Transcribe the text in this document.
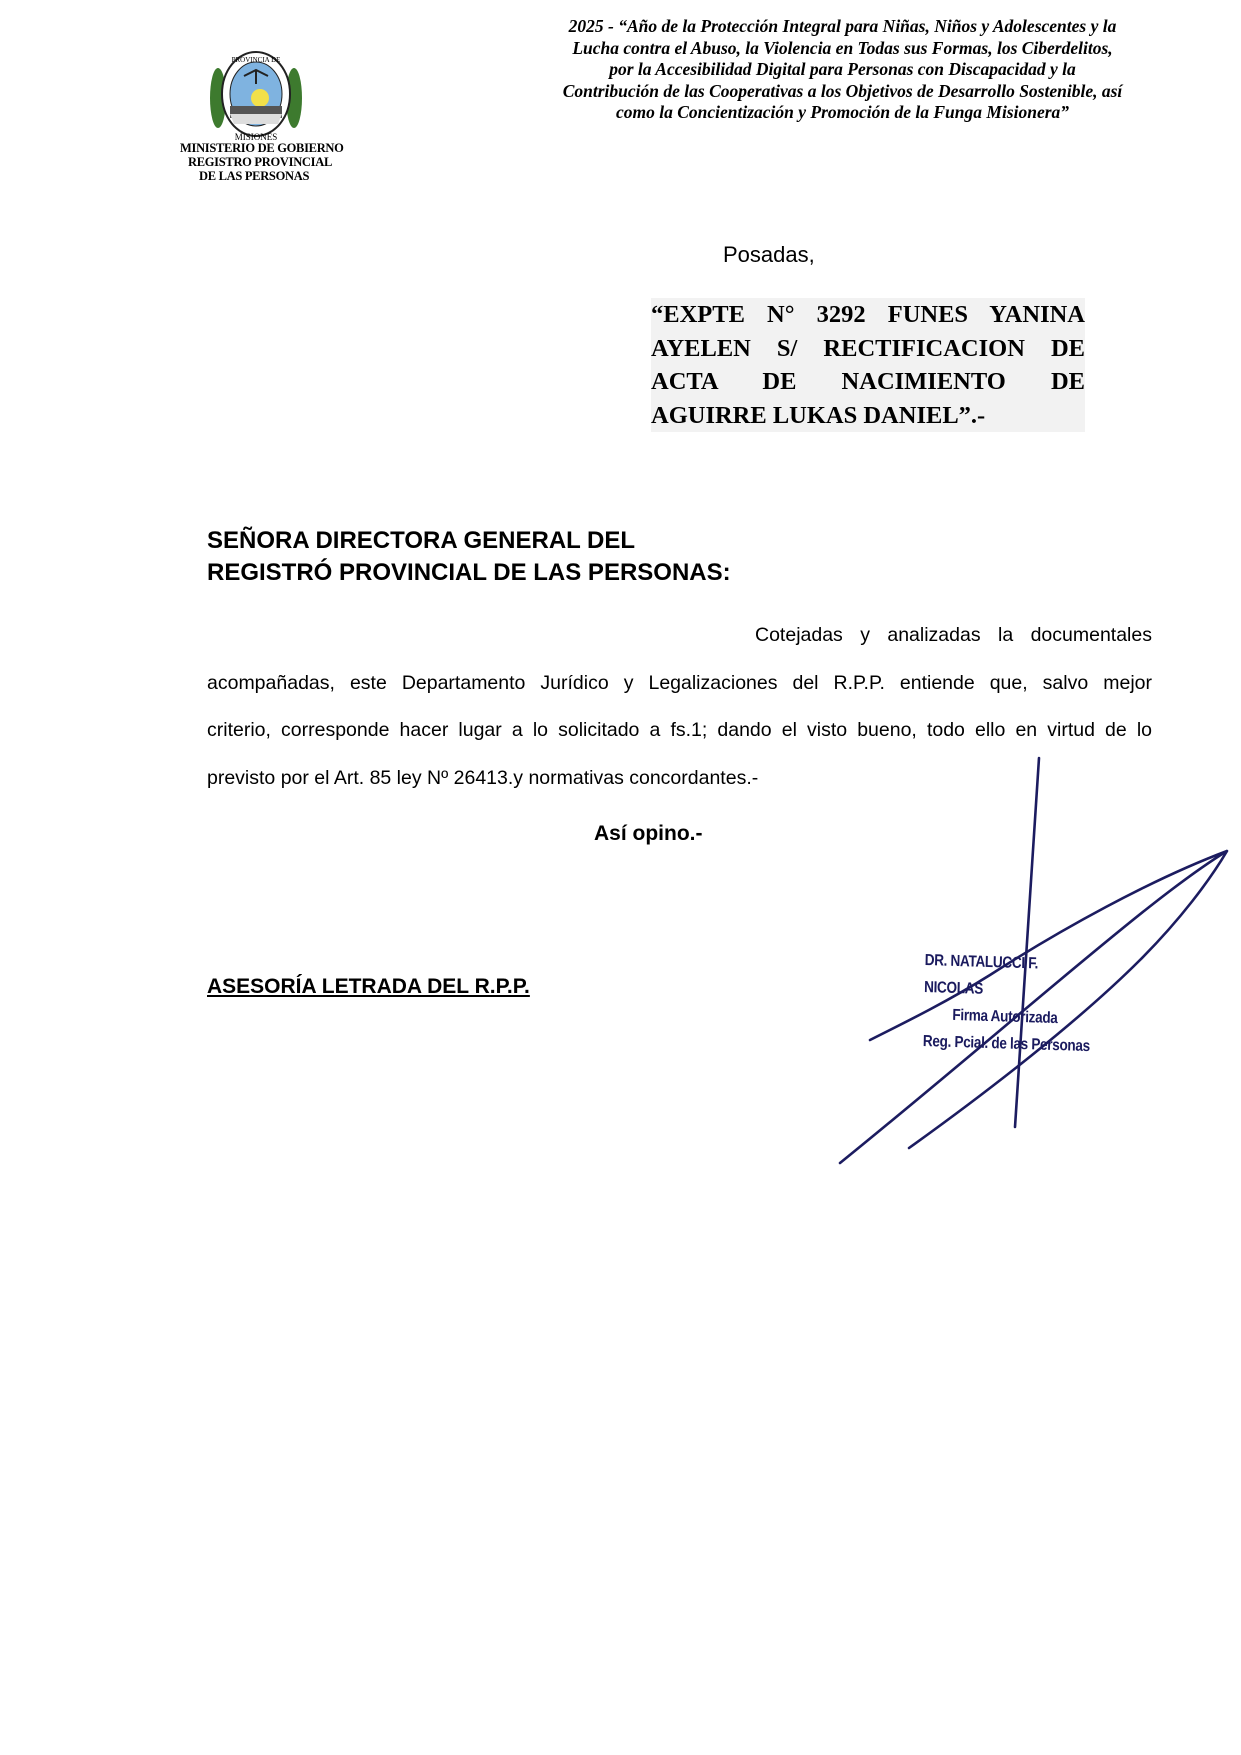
PROVINCIA DE
MISIONES
MINISTERIO DE GOBIERNO
REGISTRO PROVINCIAL
DE LAS PERSONAS
2025 - “Año de la Protección Integral para Niñas, Niños y Adolescentes y la Lucha contra el Abuso, la Violencia en Todas sus Formas, los Ciberdelitos, por la Accesibilidad Digital para Personas con Discapacidad y la Contribución de las Cooperativas a los Objetivos de Desarrollo Sostenible, así como la Concientización y Promoción de la Funga Misionera”
Posadas,
“EXPTE N° 3292 FUNES YANINA
AYELEN S/ RECTIFICACION DE
ACTA DE NACIMIENTO DE
AGUIRRE LUKAS DANIEL”.-
SEÑORA DIRECTORA GENERAL DEL
REGISTRÓ PROVINCIAL DE LAS PERSONAS:
Cotejadas y analizadas la documentales
acompañadas, este Departamento Jurídico y Legalizaciones del R.P.P. entiende que, salvo mejor
criterio, corresponde hacer lugar a lo solicitado a fs.1; dando el visto bueno, todo ello en virtud de lo
previsto por el Art. 85 ley Nº 26413.y normativas concordantes.-
Así opino.-
ASESORÍA LETRADA DEL R.P.P.
DR. NATALUCCI F. NICOLAS
Firma Autorizada
Reg. Pcial. de las Personas
